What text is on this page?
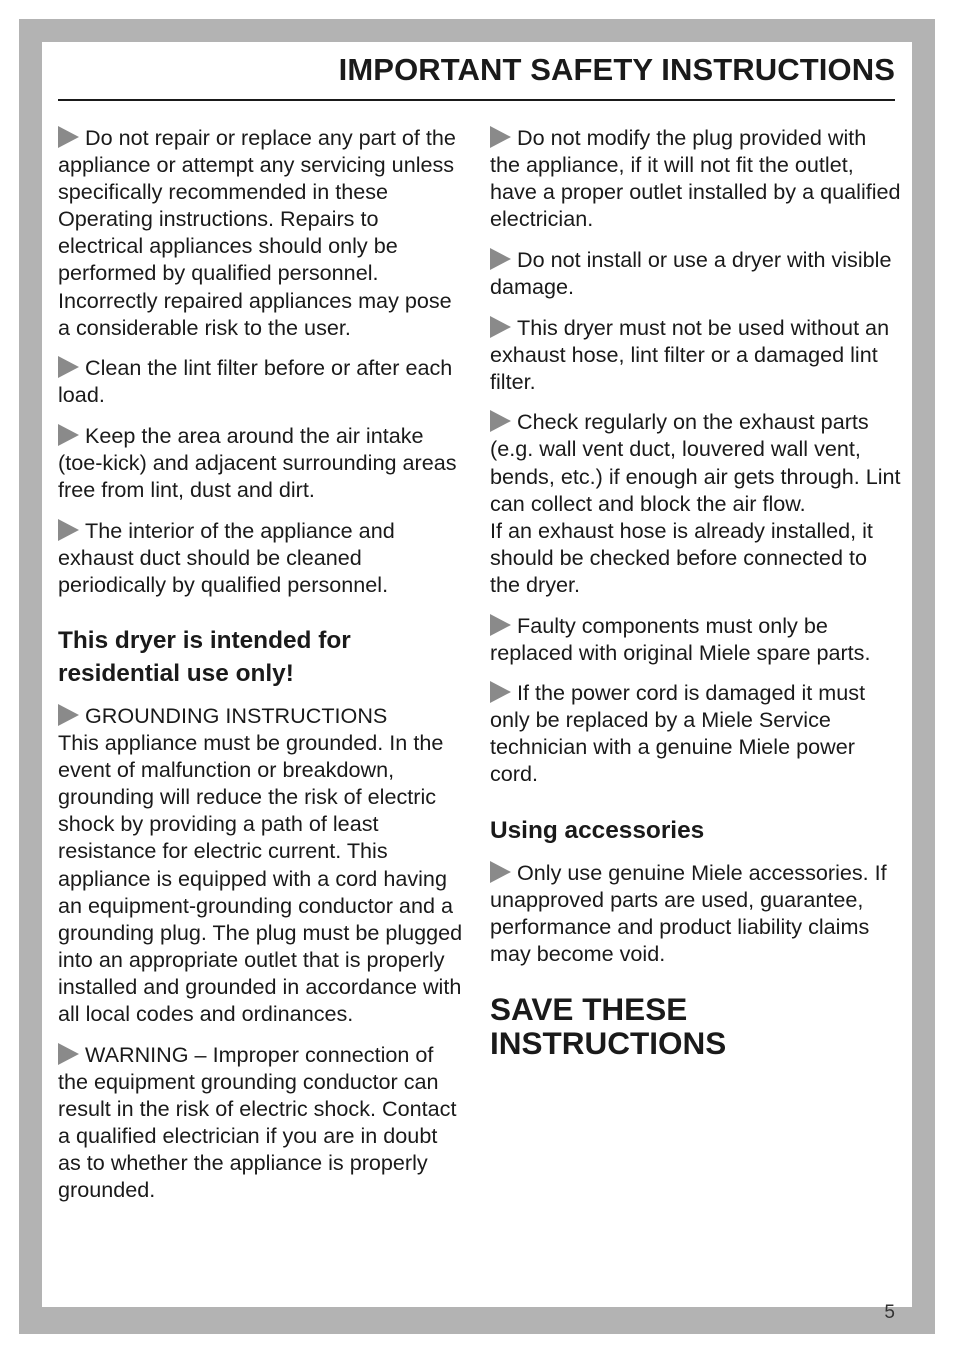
IMPORTANT SAFETY INSTRUCTIONS

Do not repair or replace any part of the appliance or attempt any servicing unless specifically recommended in these Operating instructions. Repairs to electrical appliances should only be performed by qualified personnel. Incorrectly repaired appliances may pose a considerable risk to the user.

Clean the lint filter before or after each load.

Keep the area around the air intake (toe-kick) and adjacent surrounding areas free from lint, dust and dirt.

The interior of the appliance and exhaust duct should be cleaned periodically by qualified personnel.

This dryer is intended for residential use only!

GROUNDING INSTRUCTIONS
This appliance must be grounded. In the event of malfunction or breakdown, grounding will reduce the risk of electric shock by providing a path of least resistance for electric current. This appliance is equipped with a cord having an equipment-grounding conductor and a grounding plug. The plug must be plugged into an appropriate outlet that is properly installed and grounded in accordance with all local codes and ordinances.

WARNING – Improper connection of the equipment grounding conductor can result in the risk of electric shock. Contact a qualified electrician if you are in doubt as to whether the appliance is properly grounded.

Do not modify the plug provided with the appliance, if it will not fit the outlet, have a proper outlet installed by a qualified electrician.

Do not install or use a dryer with visible damage.

This dryer must not be used without an exhaust hose, lint filter or a damaged lint filter.

Check regularly on the exhaust parts (e.g. wall vent duct, louvered wall vent, bends, etc.) if enough air gets through. Lint can collect and block the air flow.
If an exhaust hose is already installed, it should be checked before connected to the dryer.

Faulty components must only be replaced with original Miele spare parts.

If the power cord is damaged it must only be replaced by a Miele Service technician with a genuine Miele power cord.

Using accessories

Only use genuine Miele accessories. If unapproved parts are used, guarantee, performance and product liability claims may become void.

SAVE THESE INSTRUCTIONS
5
